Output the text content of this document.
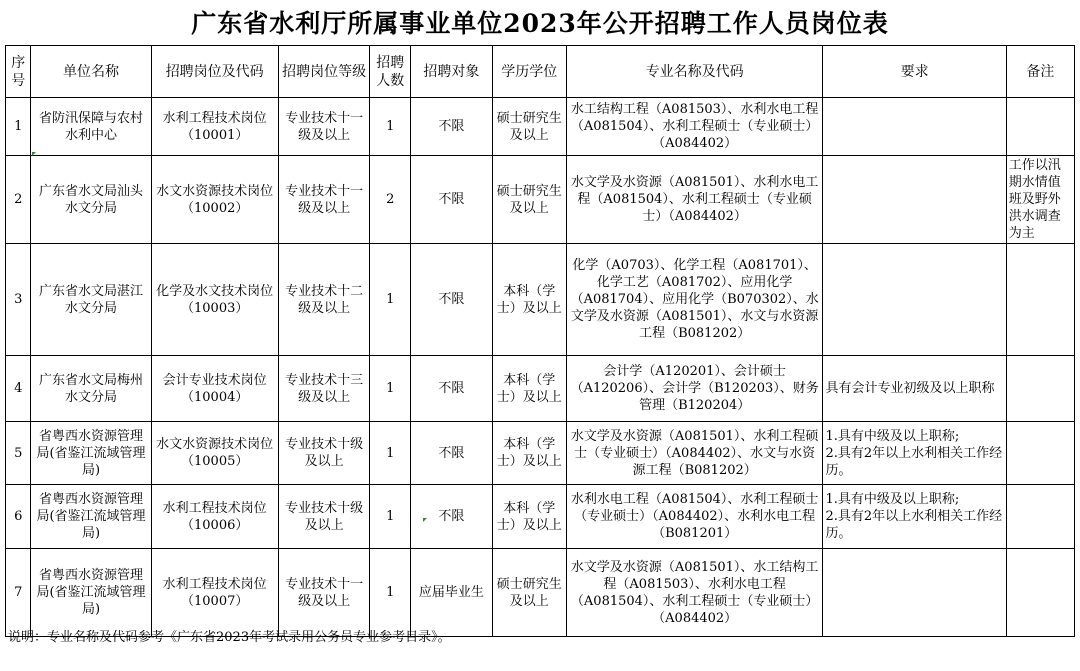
广东省水利厅所属事业单位2023年公开招聘工作人员岗位表
序号	单位名称	招聘岗位及代码	招聘岗位等级	招聘人数	招聘对象	学历学位	专业名称及代码	要求	备注
1	省防汛保障与农村水利中心	水利工程技术岗位（10001）	专业技术十一级及以上	1	不限	硕士研究生及以上	水工结构工程（A081503）、水利水电工程（A081504）、水利工程硕士（专业硕士）（A084402）		
2	广东省水文局汕头水文分局	水文水资源技术岗位（10002）	专业技术十一级及以上	2	不限	硕士研究生及以上	水文学及水资源（A081501）、水利水电工程（A081504）、水利工程硕士（专业硕士）（A084402）		工作以汛期水情值班及野外洪水调查为主
3	广东省水文局湛江水文分局	化学及水文技术岗位（10003）	专业技术十二级及以上	1	不限	本科（学士）及以上	化学（A0703）、化学工程（A081701）、化学工艺（A081702）、应用化学（A081704）、应用化学（B070302）、水文学及水资源（A081501）、水文与水资源工程（B081202）		
4	广东省水文局梅州水文分局	会计专业技术岗位（10004）	专业技术十三级及以上	1	不限	本科（学士）及以上	会计学（A120201）、会计硕士（A120206）、会计学（B120203）、财务管理（B120204）	具有会计专业初级及以上职称	
5	省粤西水资源管理局(省鉴江流域管理局)	水文水资源技术岗位（10005）	专业技术十级及以上	1	不限	本科（学士）及以上	水文学及水资源（A081501）、水利工程硕士（专业硕士）（A084402）、水文与水资源工程（B081202）	1.具有中级及以上职称;
2.具有2年以上水利相关工作经历。	
6	省粤西水资源管理局(省鉴江流域管理局)	水利工程技术岗位（10006）	专业技术十级及以上	1	不限	本科（学士）及以上	水利水电工程（A081504）、水利工程硕士（专业硕士）（A084402）、水利水电工程（B081201）	1.具有中级及以上职称;
2.具有2年以上水利相关工作经历。	
7	省粤西水资源管理局(省鉴江流域管理局)	水利工程技术岗位（10007）	专业技术十一级及以上	1	应届毕业生	硕士研究生及以上	水文学及水资源（A081501）、水工结构工程（A081503）、水利水电工程（A081504）、水利工程硕士（专业硕士）（A084402）		
说明：专业名称及代码参考《广东省2023年考试录用公务员专业参考目录》。
